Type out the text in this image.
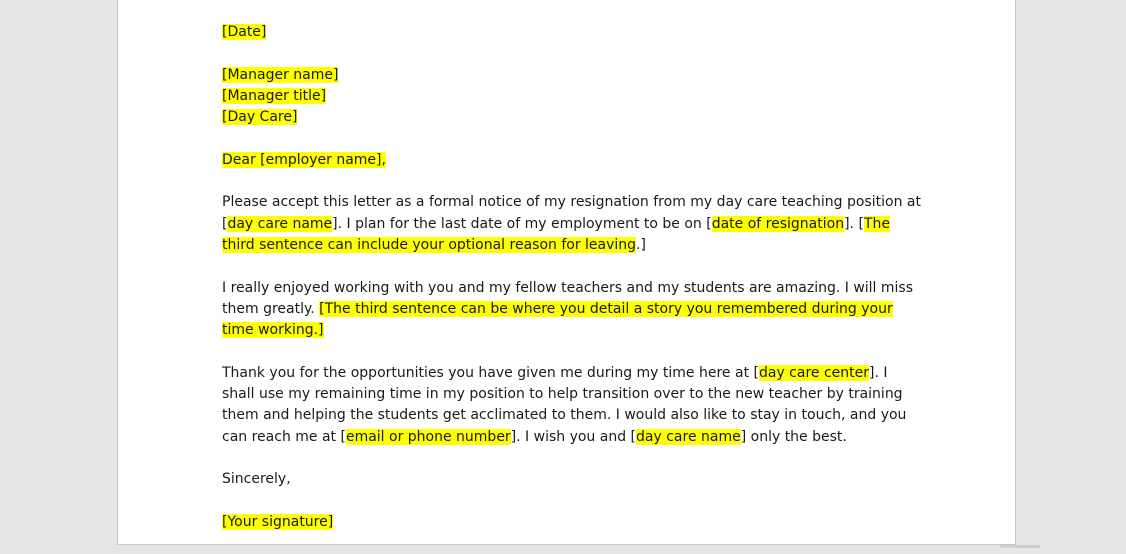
[Date]

[Manager name]
[Manager title]
[Day Care]

Dear [employer name],

Please accept this letter as a formal notice of my resignation from my day care teaching position at [day care name]. I plan for the last date of my employment to be on [date of resignation]. [The third sentence can include your optional reason for leaving.]

I really enjoyed working with you and my fellow teachers and my students are amazing. I will miss them greatly. [The third sentence can be where you detail a story you remembered during your time working.]

Thank you for the opportunities you have given me during my time here at [day care center]. I shall use my remaining time in my position to help transition over to the new teacher by training them and helping the students get acclimated to them. I would also like to stay in touch, and you can reach me at [email or phone number]. I wish you and [day care name] only the best.

Sincerely,

[Your signature]
